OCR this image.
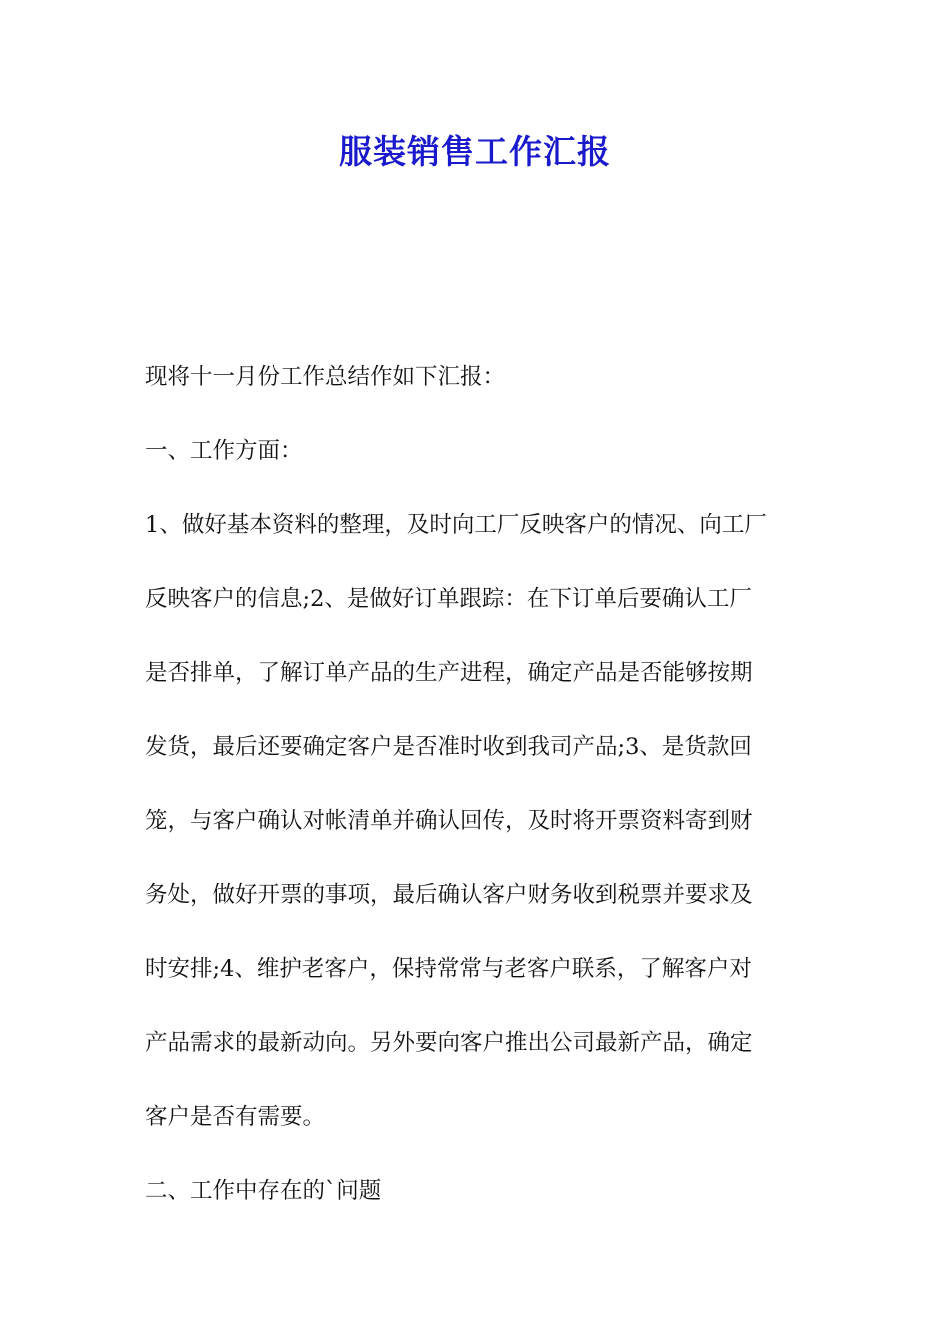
服装销售工作汇报
现将十一月份工作总结作如下汇报：
一、工作方面：
1、做好基本资料的整理，及时向工厂反映客户的情况、向工厂
反映客户的信息;2、是做好订单跟踪：在下订单后要确认工厂
是否排单，了解订单产品的生产进程，确定产品是否能够按期
发货，最后还要确定客户是否准时收到我司产品;3、是货款回
笼，与客户确认对帐清单并确认回传，及时将开票资料寄到财
务处，做好开票的事项，最后确认客户财务收到税票并要求及
时安排;4、维护老客户，保持常常与老客户联系，了解客户对
产品需求的最新动向。另外要向客户推出公司最新产品，确定
客户是否有需要。
二、工作中存在的`问题
